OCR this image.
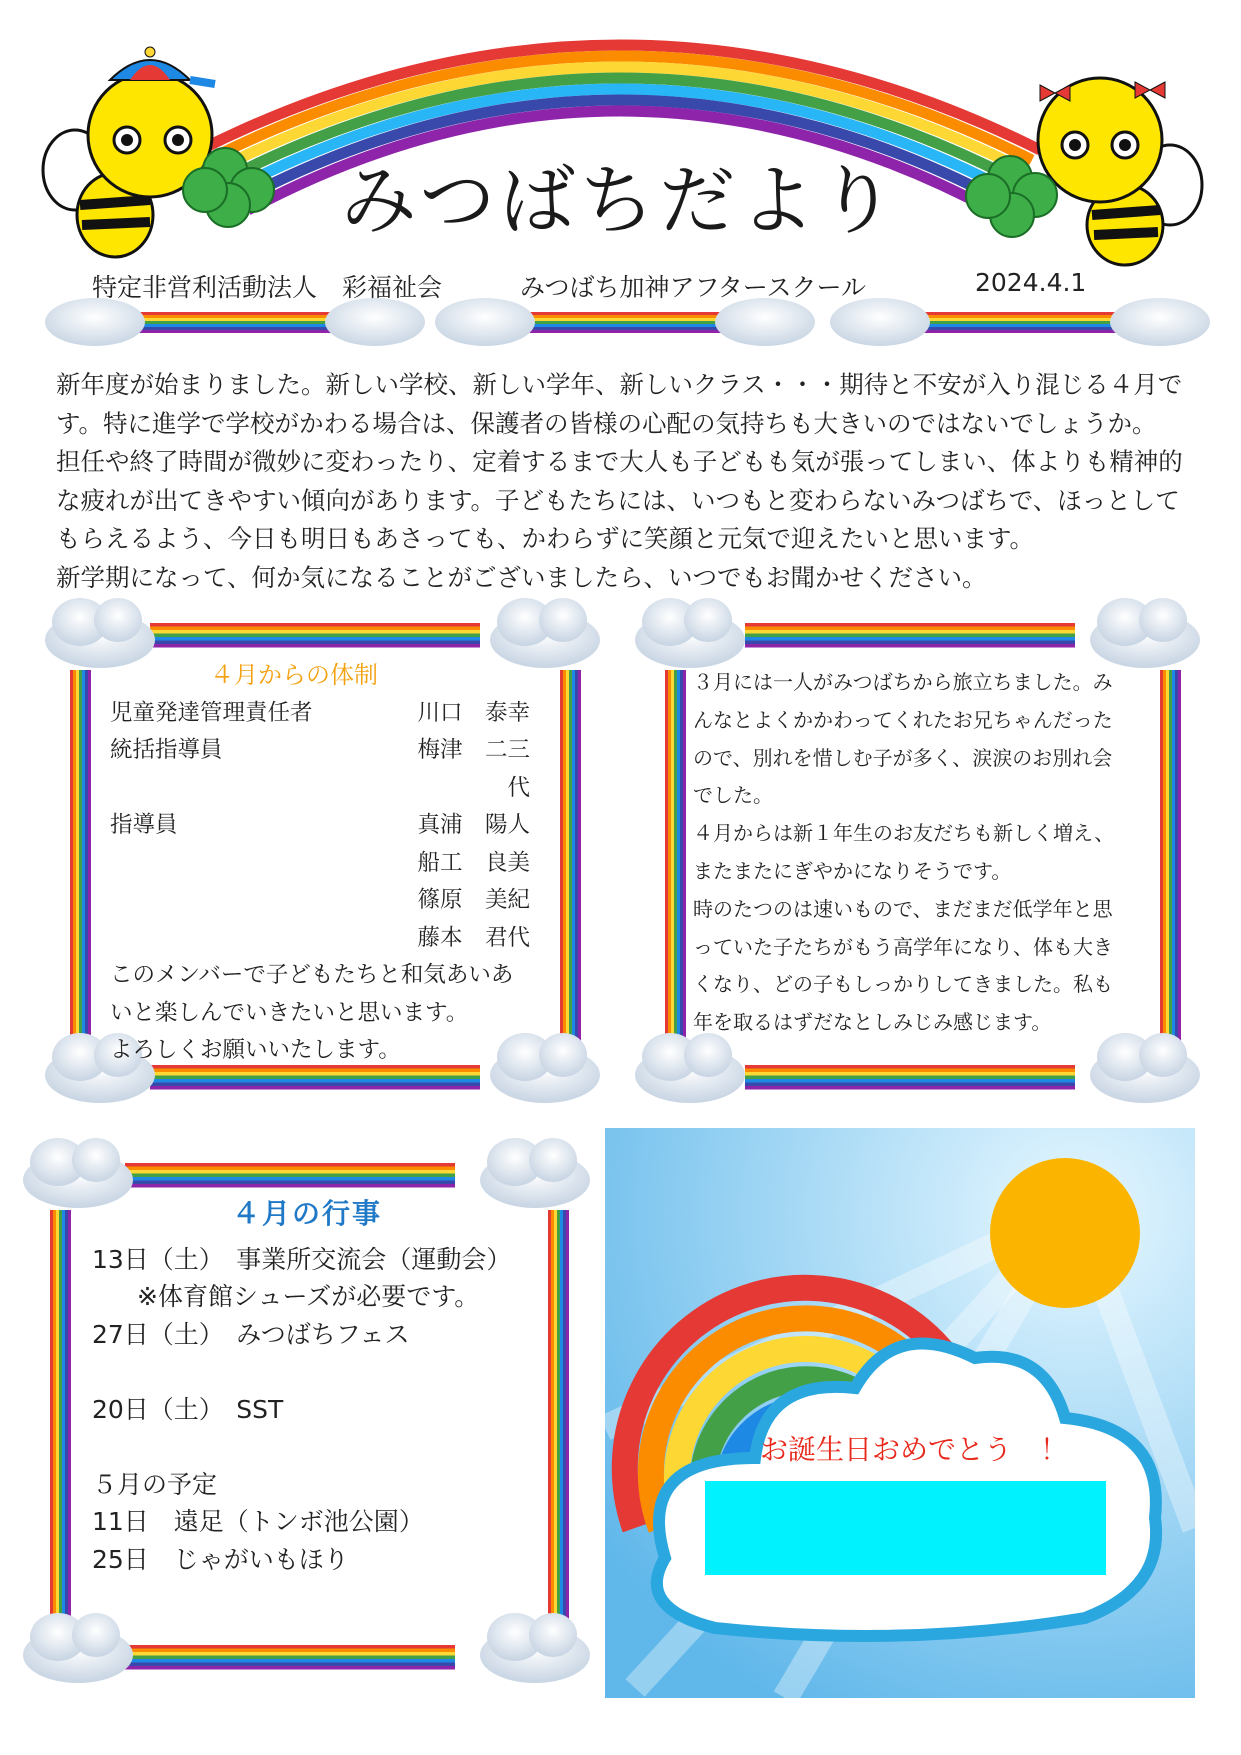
みつばちだより
特定非営利活動法人　彩福祉会	みつばち加神アフタースクール	2024.4.1

新年度が始まりました。新しい学校、新しい学年、新しいクラス・・・期待と不安が入り混じる４月で

す。特に進学で学校がかわる場合は、保護者の皆様の心配の気持ちも大きいのではないでしょうか。

担任や終了時間が微妙に変わったり、定着するまで大人も子どもも気が張ってしまい、体よりも精神的

な疲れが出てきやすい傾向があります。子どもたちには、いつもと変わらないみつばちで、ほっとして

もらえるよう、今日も明日もあさっても、かわらずに笑顔と元気で迎えたいと思います。

新学期になって、何か気になることがございましたら、いつでもお聞かせください。

４月からの体制

児童発達管理責任者	川口　泰幸
統括指導員	梅津　二三代
指導員	真浦　陽人
船工　良美
篠原　美紀
藤本　君代

このメンバーで子どもたちと和気あいあ

いと楽しんでいきたいと思います。

よろしくお願いいたします。

３月には一人がみつばちから旅立ちました。み

んなとよくかかわってくれたお兄ちゃんだった

ので、別れを惜しむ子が多く、涙涙のお別れ会

でした。

４月からは新１年生のお友だちも新しく増え、

またまたにぎやかになりそうです。

時のたつのは速いもので、まだまだ低学年と思

っていた子たちがもう高学年になり、体も大き

くなり、どの子もしっかりしてきました。私も

年を取るはずだなとしみじみ感じます。

４月の行事

13日（土）　事業所交流会（運動会）

　※体育館シューズが必要です。

27日（土）　みつばちフェス

20日（土）　SST

５月の予定

11日　遠足（トンボ池公園）

25日　じゃがいもほり

お誕生日おめでとう　！
